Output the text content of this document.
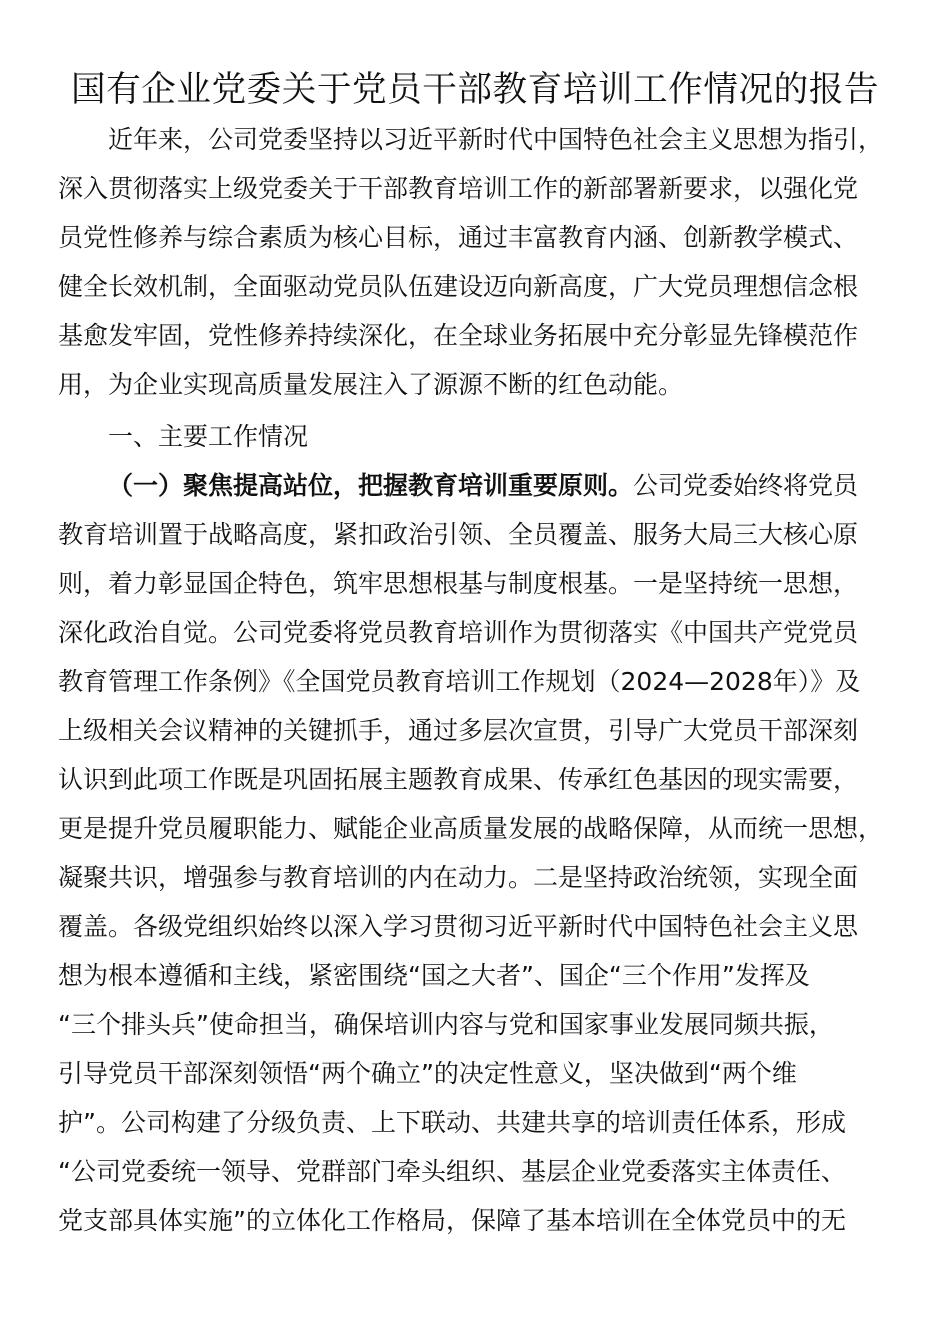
国有企业党委关于党员干部教育培训工作情况的报告
近年来，公司党委坚持以习近平新时代中国特色社会主义思想为指引，
深入贯彻落实上级党委关于干部教育培训工作的新部署新要求，以强化党
员党性修养与综合素质为核心目标，通过丰富教育内涵、创新教学模式、
健全长效机制，全面驱动党员队伍建设迈向新高度，广大党员理想信念根
基愈发牢固，党性修养持续深化，在全球业务拓展中充分彰显先锋模范作
用，为企业实现高质量发展注入了源源不断的红色动能。
一、主要工作情况
（一）聚焦提高站位，把握教育培训重要原则。公司党委始终将党员
教育培训置于战略高度，紧扣政治引领、全员覆盖、服务大局三大核心原
则，着力彰显国企特色，筑牢思想根基与制度根基。一是坚持统一思想，
深化政治自觉。公司党委将党员教育培训作为贯彻落实《中国共产党党员
教育管理工作条例》《全国党员教育培训工作规划（2024—2028年）》及
上级相关会议精神的关键抓手，通过多层次宣贯，引导广大党员干部深刻
认识到此项工作既是巩固拓展主题教育成果、传承红色基因的现实需要，
更是提升党员履职能力、赋能企业高质量发展的战略保障，从而统一思想，
凝聚共识，增强参与教育培训的内在动力。二是坚持政治统领，实现全面
覆盖。各级党组织始终以深入学习贯彻习近平新时代中国特色社会主义思
想为根本遵循和主线，紧密围绕“国之大者”、国企“三个作用”发挥及
“三个排头兵”使命担当，确保培训内容与党和国家事业发展同频共振，
引导党员干部深刻领悟“两个确立”的决定性意义，坚决做到“两个维
护”。公司构建了分级负责、上下联动、共建共享的培训责任体系，形成
“公司党委统一领导、党群部门牵头组织、基层企业党委落实主体责任、
党支部具体实施”的立体化工作格局，保障了基本培训在全体党员中的无
